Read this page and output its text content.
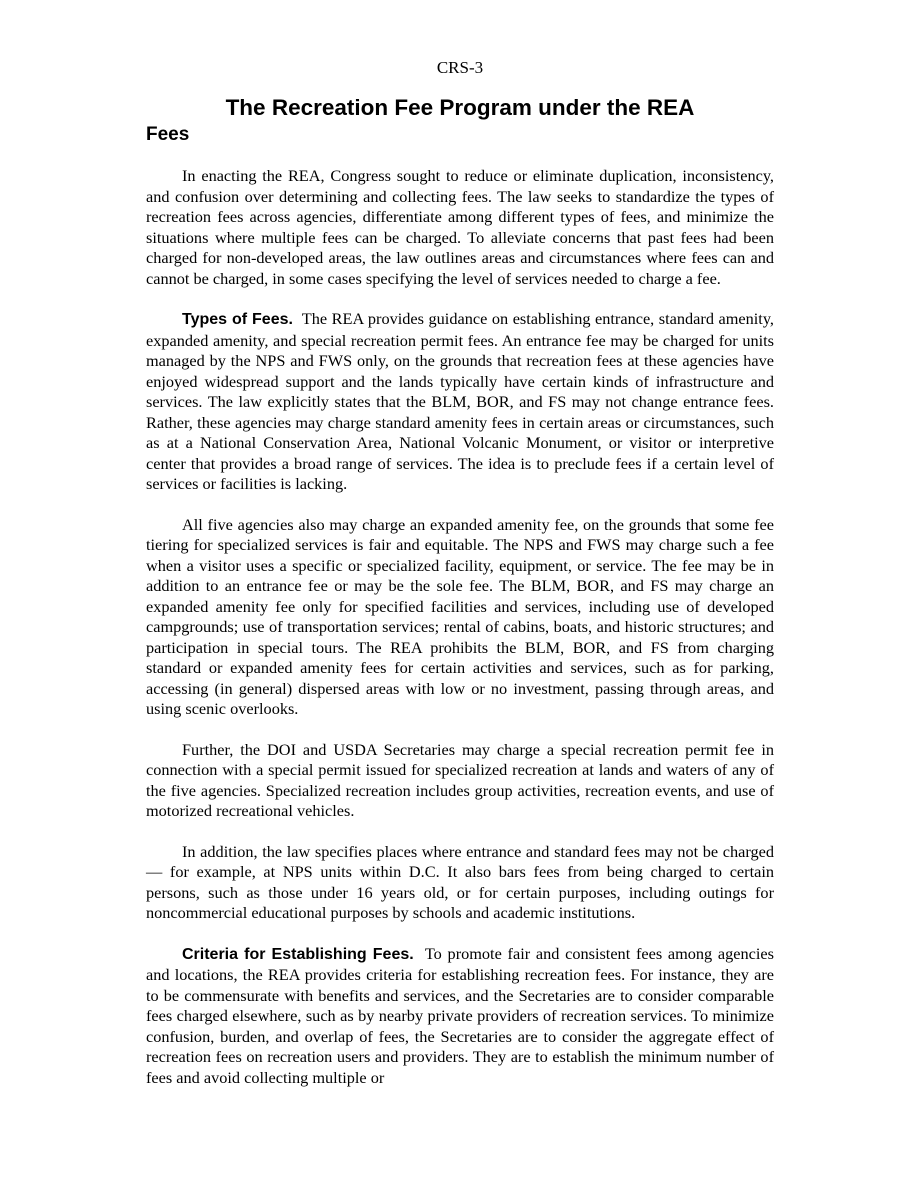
CRS-3
The Recreation Fee Program under the REA
Fees

In enacting the REA, Congress sought to reduce or eliminate duplication, inconsistency, and confusion over determining and collecting fees. The law seeks to standardize the types of recreation fees across agencies, differentiate among different types of fees, and minimize the situations where multiple fees can be charged. To alleviate concerns that past fees had been charged for non-developed areas, the law outlines areas and circumstances where fees can and cannot be charged, in some cases specifying the level of services needed to charge a fee.

Types of Fees. The REA provides guidance on establishing entrance, standard amenity, expanded amenity, and special recreation permit fees. An entrance fee may be charged for units managed by the NPS and FWS only, on the grounds that recreation fees at these agencies have enjoyed widespread support and the lands typically have certain kinds of infrastructure and services. The law explicitly states that the BLM, BOR, and FS may not change entrance fees. Rather, these agencies may charge standard amenity fees in certain areas or circumstances, such as at a National Conservation Area, National Volcanic Monument, or visitor or interpretive center that provides a broad range of services. The idea is to preclude fees if a certain level of services or facilities is lacking.

All five agencies also may charge an expanded amenity fee, on the grounds that some fee tiering for specialized services is fair and equitable. The NPS and FWS may charge such a fee when a visitor uses a specific or specialized facility, equipment, or service. The fee may be in addition to an entrance fee or may be the sole fee. The BLM, BOR, and FS may charge an expanded amenity fee only for specified facilities and services, including use of developed campgrounds; use of transportation services; rental of cabins, boats, and historic structures; and participation in special tours. The REA prohibits the BLM, BOR, and FS from charging standard or expanded amenity fees for certain activities and services, such as for parking, accessing (in general) dispersed areas with low or no investment, passing through areas, and using scenic overlooks.

Further, the DOI and USDA Secretaries may charge a special recreation permit fee in connection with a special permit issued for specialized recreation at lands and waters of any of the five agencies. Specialized recreation includes group activities, recreation events, and use of motorized recreational vehicles.

In addition, the law specifies places where entrance and standard fees may not be charged — for example, at NPS units within D.C. It also bars fees from being charged to certain persons, such as those under 16 years old, or for certain purposes, including outings for noncommercial educational purposes by schools and academic institutions.

Criteria for Establishing Fees. To promote fair and consistent fees among agencies and locations, the REA provides criteria for establishing recreation fees. For instance, they are to be commensurate with benefits and services, and the Secretaries are to consider comparable fees charged elsewhere, such as by nearby private providers of recreation services. To minimize confusion, burden, and overlap of fees, the Secretaries are to consider the aggregate effect of recreation fees on recreation users and providers. They are to establish the minimum number of fees and avoid collecting multiple or
